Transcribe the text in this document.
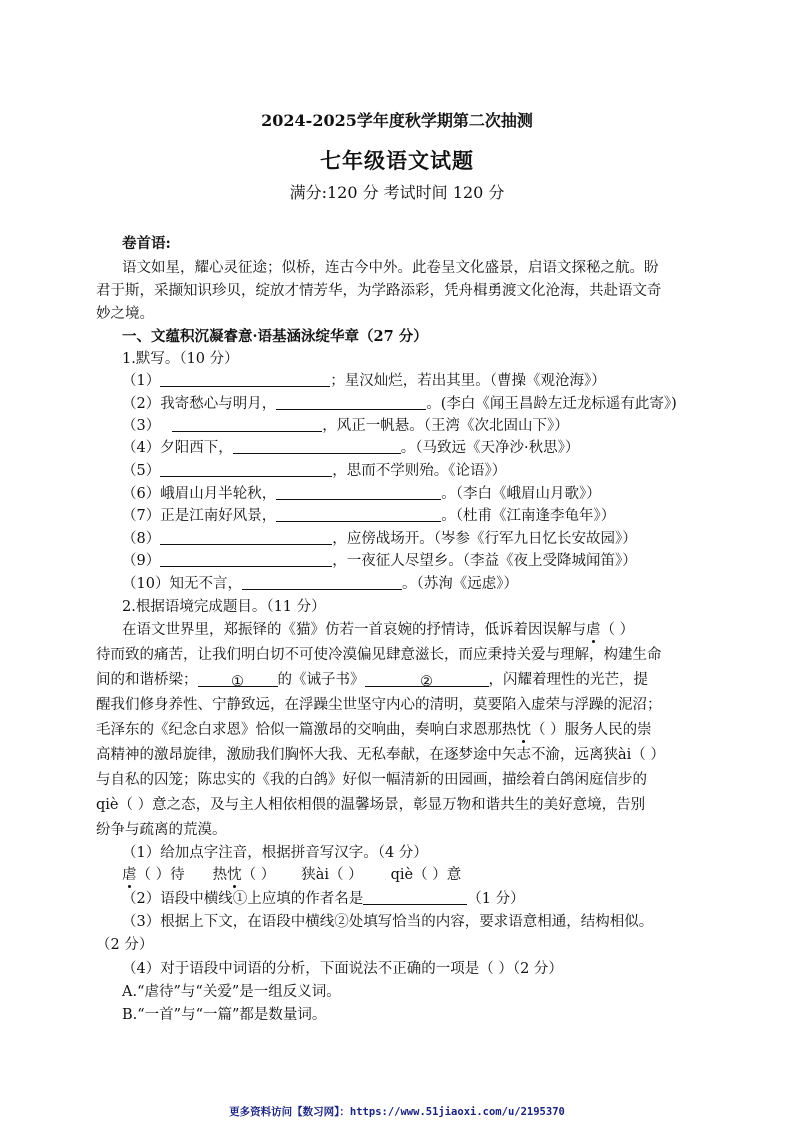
2024-2025学年度秋学期第二次抽测
七年级语文试题
满分:120 分 考试时间 120 分
卷首语:
语文如星，耀心灵征途；似桥，连古今中外。此卷呈文化盛景，启语文探秘之航。盼
君于斯，采撷知识珍贝，绽放才情芳华，为学路添彩，凭舟楫勇渡文化沧海，共赴语文奇
妙之境。
一、文蕴积沉凝睿意·语基涵泳绽华章（27 分）
1.默写。（10 分）
（1）	；星汉灿烂，若出其里。（曹操《观沧海》）
（2）我寄愁心与明月，	。(李白《闻王昌龄左迁龙标遥有此寄》)
（3）	，风正一帆悬。（王湾《次北固山下》）
（4）夕阳西下，	。（马致远《天净沙·秋思》）
（5）	，思而不学则殆。《论语》）
（6）峨眉山月半轮秋，	。（李白《峨眉山月歌》）
（7）正是江南好风景，	。（杜甫《江南逢李龟年》）
（8）	，应傍战场开。（岑参《行军九日忆长安故园》）
（9）	，一夜征人尽望乡。（李益《夜上受降城闻笛》）
（10）知无不言，	。（苏洵《远虑》）
2.根据语境完成题目。（11 分）
在语文世界里，郑振铎的《猫》仿若一首哀婉的抒情诗，低诉着因误解与虐（ ）
待而致的痛苦，让我们明白切不可使冷漠偏见肆意滋长，而应秉持关爱与理解，构建生命
间的和谐桥梁； ① 的《诫子书》	②	，闪耀着理性的光芒，提
醒我们修身养性、宁静致远，在浮躁尘世坚守内心的清明，莫要陷入虚荣与浮躁的泥沼；
毛泽东的《纪念白求恩》恰似一篇激昂的交响曲，奏响白求恩那热忱（ ）服务人民的崇
高精神的激昂旋律，激励我们胸怀大我、无私奉献，在逐梦途中矢志不渝，远离狭ài（ ）
与自私的囚笼；陈忠实的《我的白鸽》好似一幅清新的田园画，描绘着白鸽闲庭信步的
qiè（ ）意之态，及与主人相依相偎的温馨场景，彰显万物和谐共生的美好意境，告别
纷争与疏离的荒漠。
（1）给加点字注音，根据拼音写汉字。（4 分）
虐（ ）待 热忱（ ） 狭ài（ ） qiè（ ）意
（2）语段中横线①上应填的作者名是	（1 分）
（3）根据上下文，在语段中横线②处填写恰当的内容，要求语意相通，结构相似。
（2 分）
（4）对于语段中词语的分析，下面说法不正确的一项是（ ）（2 分）
A.“虐待”与“关爱”是一组反义词。
B.“一首”与“一篇”都是数量词。
更多资料访问【数习网】：https://www.51jiaoxi.com/u/2195370
